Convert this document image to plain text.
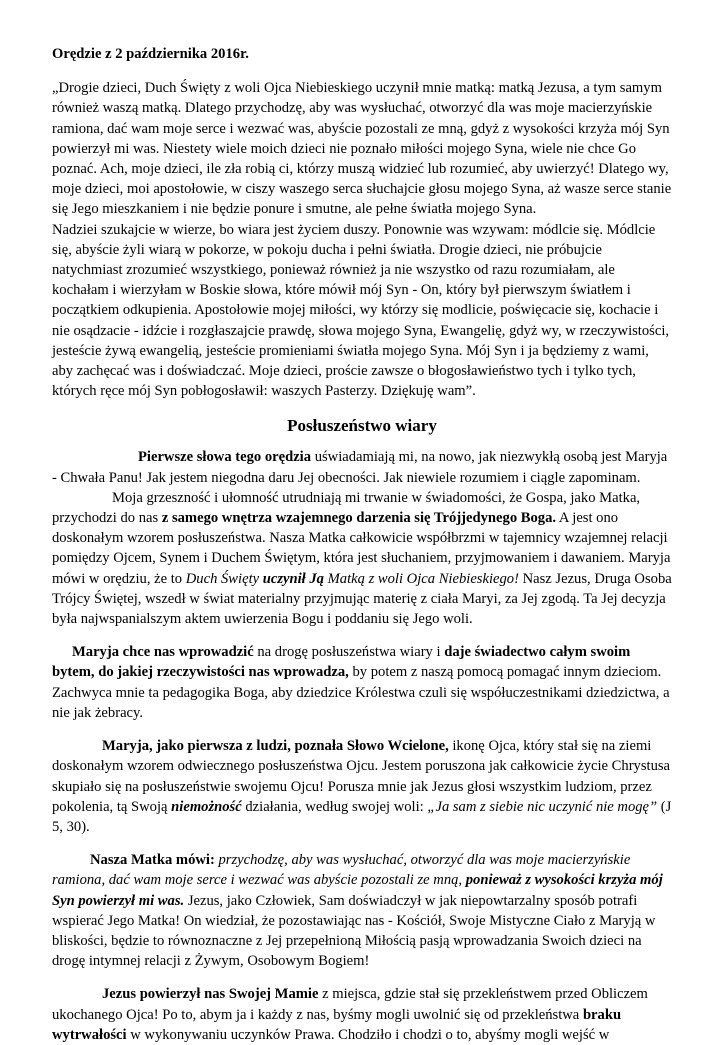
Orędzie z 2 października 2016r.

„Drogie dzieci, Duch Święty z woli Ojca Niebieskiego uczynił mnie matką: matką Jezusa, a tym samym również waszą matką. Dlatego przychodzę, aby was wysłuchać, otworzyć dla was moje macierzyńskie ramiona, dać wam moje serce i wezwać was, abyście pozostali ze mną, gdyż z wysokości krzyża mój Syn powierzył mi was. Niestety wiele moich dzieci nie poznało miłości mojego Syna, wiele nie chce Go poznać. Ach, moje dzieci, ile zła robią ci, którzy muszą widzieć lub rozumieć, aby uwierzyć! Dlatego wy, moje dzieci, moi apostołowie, w ciszy waszego serca słuchajcie głosu mojego Syna, aż wasze serce stanie się Jego mieszkaniem i nie będzie ponure i smutne, ale pełne światła mojego Syna.

Nadziei szukajcie w wierze, bo wiara jest życiem duszy. Ponownie was wzywam: módlcie się. Módlcie się, abyście żyli wiarą w pokorze, w pokoju ducha i pełni światła. Drogie dzieci, nie próbujcie natychmiast zrozumieć wszystkiego, ponieważ również ja nie wszystko od razu rozumiałam, ale kochałam i wierzyłam w Boskie słowa, które mówił mój Syn - On, który był pierwszym światłem i początkiem odkupienia. Apostołowie mojej miłości, wy którzy się modlicie, poświęcacie się, kochacie i nie osądzacie - idźcie i rozgłaszajcie prawdę, słowa mojego Syna, Ewangelię, gdyż wy, w rzeczywistości, jesteście żywą ewangelią, jesteście promieniami światła mojego Syna. Mój Syn i ja będziemy z wami, aby zachęcać was i doświadczać. Moje dzieci, proście zawsze o błogosławieństwo tych i tylko tych, których ręce mój Syn pobłogosławił: waszych Pasterzy. Dziękuję wam”.

Posłuszeństwo wiary
Pierwsze słowa tego orędzia uświadamiają mi, na nowo, jak niezwykłą osobą jest Maryja - Chwała Panu! Jak jestem niegodna daru Jej obecności. Jak niewiele rozumiem i ciągle zapominam.
Moja grzeszność i ułomność utrudniają mi trwanie w świadomości, że Gospa, jako Matka, przychodzi do nas z samego wnętrza wzajemnego darzenia się Trójjedynego Boga. A jest ono doskonałym wzorem posłuszeństwa. Nasza Matka całkowicie współbrzmi w tajemnicy wzajemnej relacji pomiędzy Ojcem, Synem i Duchem Świętym, która jest słuchaniem, przyjmowaniem i dawaniem. Maryja mówi w orędziu, że to Duch Święty uczynił Ją Matką z woli Ojca Niebieskiego! Nasz Jezus, Druga Osoba Trójcy Świętej, wszedł w świat materialny przyjmując materię z ciała Maryi, za Jej zgodą. Ta Jej decyzja była najwspanialszym aktem uwierzenia Bogu i poddaniu się Jego woli.
Maryja chce nas wprowadzić na drogę posłuszeństwa wiary i daje świadectwo całym swoim bytem, do jakiej rzeczywistości nas wprowadza, by potem z naszą pomocą pomagać innym dzieciom. Zachwyca mnie ta pedagogika Boga, aby dziedzice Królestwa czuli się współuczestnikami dziedzictwa, a nie jak żebracy.
Maryja, jako pierwsza z ludzi, poznała Słowo Wcielone, ikonę Ojca, który stał się na ziemi doskonałym wzorem odwiecznego posłuszeństwa Ojcu. Jestem poruszona jak całkowicie życie Chrystusa skupiało się na posłuszeństwie swojemu Ojcu! Porusza mnie jak Jezus głosi wszystkim ludziom, przez pokolenia, tą Swoją niemożność działania, według swojej woli: „Ja sam z siebie nic uczynić nie mogę” (J 5, 30).
Nasza Matka mówi: przychodzę, aby was wysłuchać, otworzyć dla was moje macierzyńskie ramiona, dać wam moje serce i wezwać was abyście pozostali ze mną, ponieważ z wysokości krzyża mój Syn powierzył mi was. Jezus, jako Człowiek, Sam doświadczył w jak niepowtarzalny sposób potrafi wspierać Jego Matka! On wiedział, że pozostawiając nas - Kościół, Swoje Mistyczne Ciało z Maryją w bliskości, będzie to równoznaczne z Jej przepełnioną Miłością pasją wprowadzania Swoich dzieci na drogę intymnej relacji z Żywym, Osobowym Bogiem!
Jezus powierzył nas Swojej Mamie z miejsca, gdzie stał się przekleństwem przed Obliczem ukochanego Ojca! Po to, abym ja i każdy z nas, byśmy mogli uwolnić się od przekleństwa braku wytrwałości w wykonywaniu uczynków Prawa. Chodziło i chodzi o to, abyśmy mogli wejść w
